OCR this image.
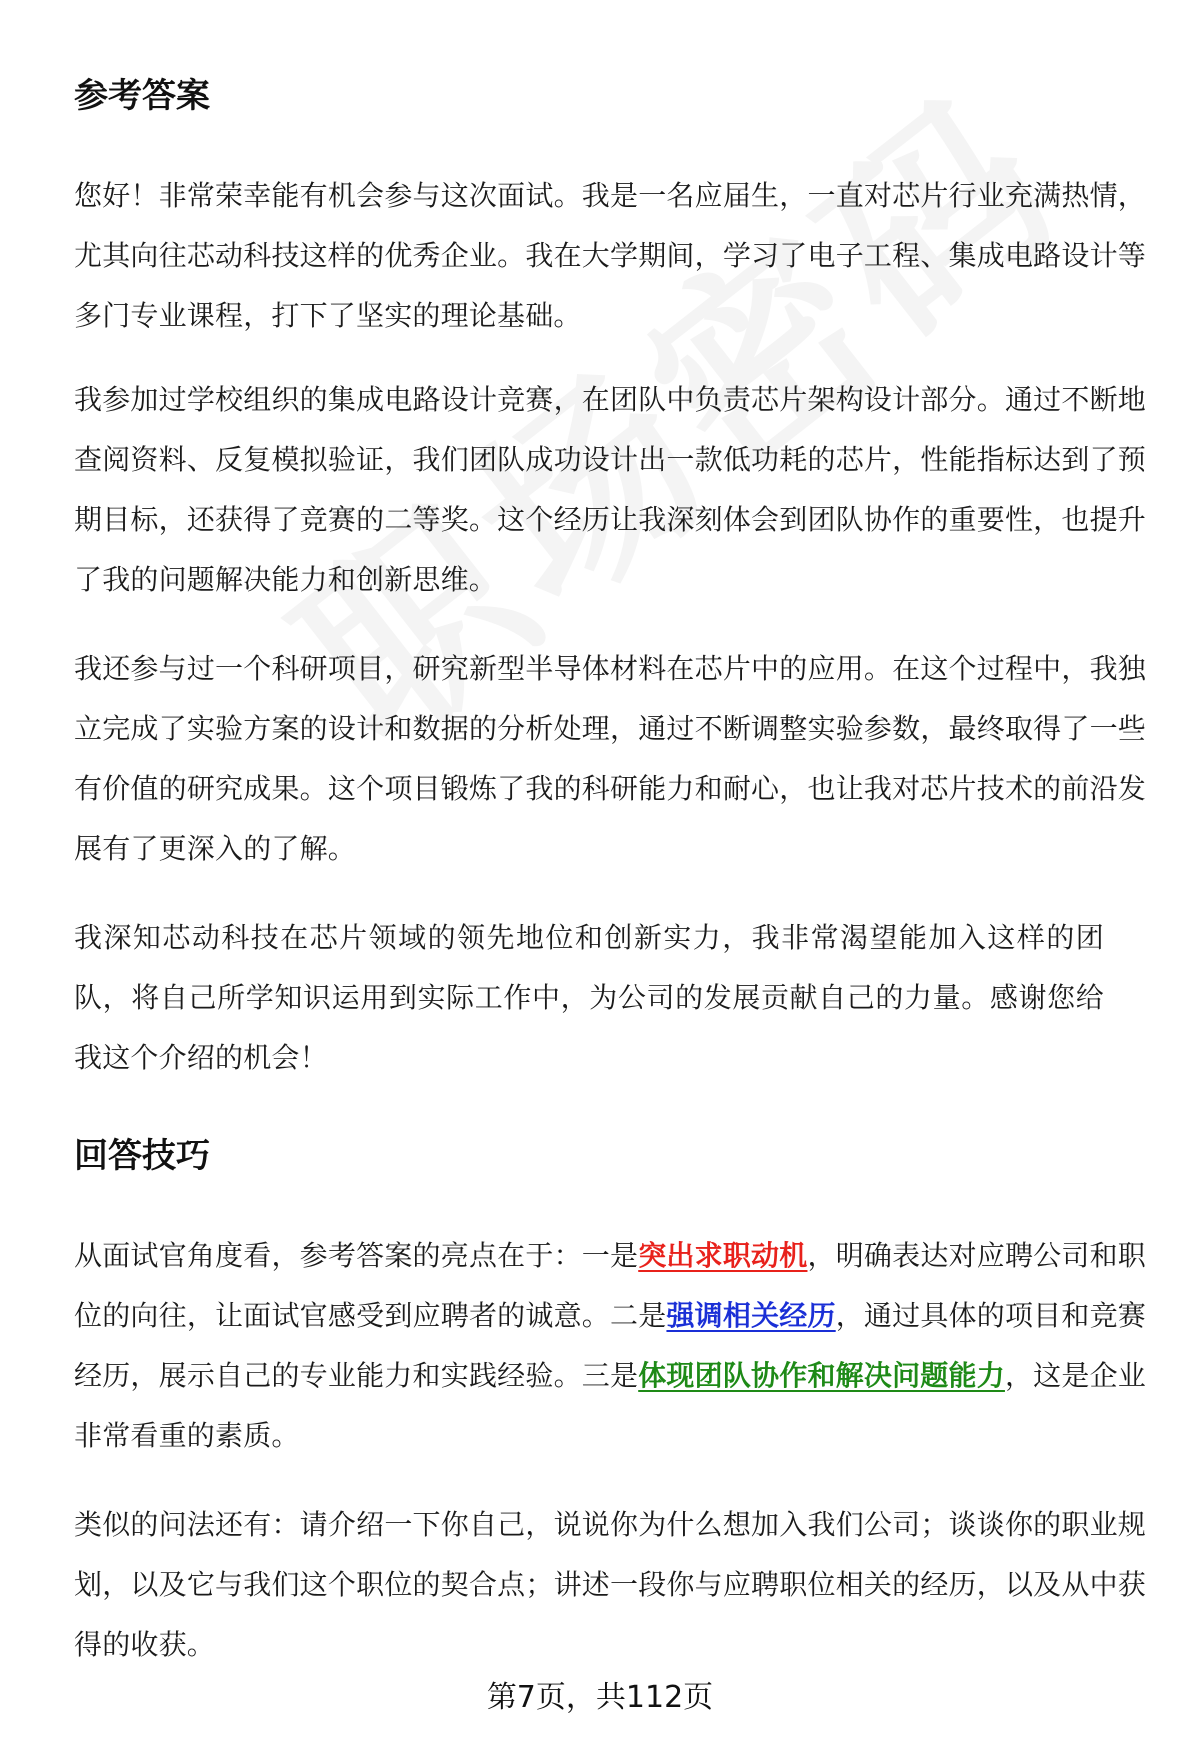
参考答案

您好！非常荣幸能有机会参与这次面试。我是一名应届生，一直对芯片行业充满热情，尤其向往芯动科技这样的优秀企业。我在大学期间，学习了电子工程、集成电路设计等多门专业课程，打下了坚实的理论基础。

我参加过学校组织的集成电路设计竞赛，在团队中负责芯片架构设计部分。通过不断地查阅资料、反复模拟验证，我们团队成功设计出一款低功耗的芯片，性能指标达到了预期目标，还获得了竞赛的二等奖。这个经历让我深刻体会到团队协作的重要性，也提升了我的问题解决能力和创新思维。

我还参与过一个科研项目，研究新型半导体材料在芯片中的应用。在这个过程中，我独立完成了实验方案的设计和数据的分析处理，通过不断调整实验参数，最终取得了一些有价值的研究成果。这个项目锻炼了我的科研能力和耐心，也让我对芯片技术的前沿发展有了更深入的了解。

我深知芯动科技在芯片领域的领先地位和创新实力，我非常渴望能加入这样的团队，将自己所学知识运用到实际工作中，为公司的发展贡献自己的力量。感谢您给我这个介绍的机会！

回答技巧

从面试官角度看，参考答案的亮点在于：一是突出求职动机，明确表达对应聘公司和职位的向往，让面试官感受到应聘者的诚意。二是强调相关经历，通过具体的项目和竞赛经历，展示自己的专业能力和实践经验。三是体现团队协作和解决问题能力，这是企业非常看重的素质。

类似的问法还有：请介绍一下你自己，说说你为什么想加入我们公司；谈谈你的职业规划，以及它与我们这个职位的契合点；讲述一段你与应聘职位相关的经历，以及从中获得的收获。

第7页，共112页
